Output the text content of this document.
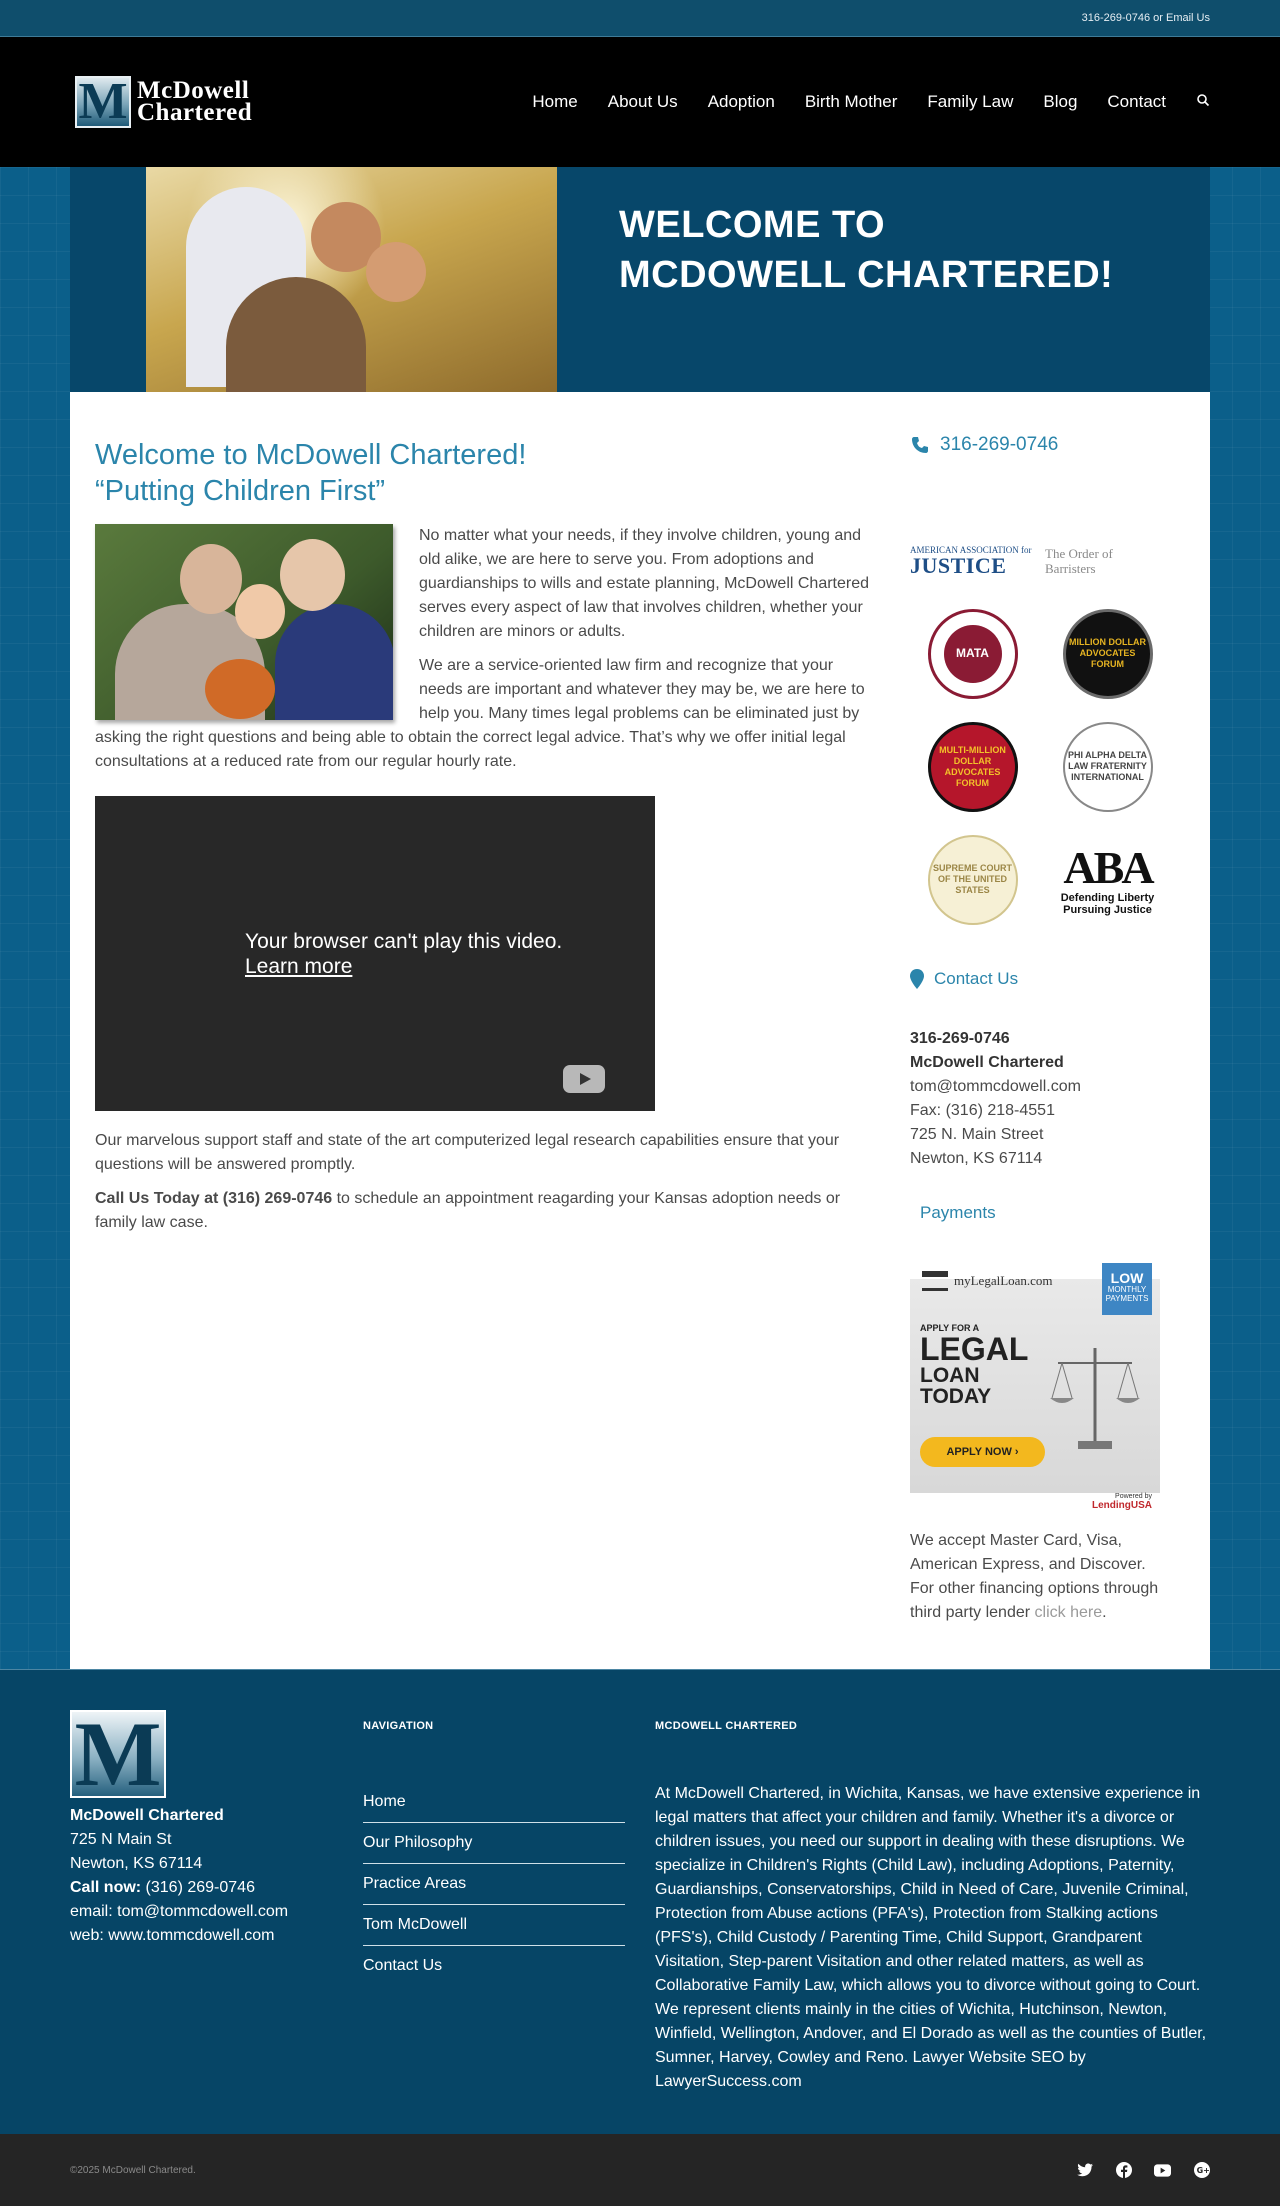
316-269-0746 or Email Us
M McDowell
Chartered	Home About Us Adoption Birth Mother Family Law Blog Contact
WELCOME TO
MCDOWELL CHARTERED!
Welcome to McDowell Chartered!
“Putting Children First”

No matter what your needs, if they involve children, young and old alike, we are here to serve you. From adoptions and guardianships to wills and estate planning, McDowell Chartered serves every aspect of law that involves children, whether your children are minors or adults.

We are a service-oriented law firm and recognize that your needs are important and whatever they may be, we are here to help you. Many times legal problems can be eliminated just by asking the right questions and being able to obtain the correct legal advice. That’s why we offer initial legal consultations at a reduced rate from our regular hourly rate.

Your browser can't play this video.
Learn more

Our marvelous support staff and state of the art computerized legal research capabilities ensure that your questions will be answered promptly.

Call Us Today at (316) 269-0746 to schedule an appointment reagarding your Kansas adoption needs or family law case.

316-269-0746
AMERICAN ASSOCIATION for
JUSTICE	The Order of
Barristers
MATA
MILLION DOLLAR ADVOCATES FORUM
MULTI-MILLION DOLLAR ADVOCATES FORUM
PHI ALPHA DELTA LAW FRATERNITY INTERNATIONAL
SUPREME COURT OF THE UNITED STATES	ABA
Defending Liberty
Pursuing Justice
Contact Us
316-269-0746
McDowell Chartered
tom@tommcdowell.com
Fax: (316) 218-4551
725 N. Main Street
Newton, KS 67114
Payments
myLegalLoan.com	LOW
MONTHLY PAYMENTS
APPLY FOR A
LEGAL
LOAN
TODAY
APPLY NOW ›
Powered by
LendingUSA

We accept Master Card, Visa, American Express, and Discover. For other financing options through third party lender click here.

M
McDowell Chartered
725 N Main St
Newton, KS 67114
Call now: (316) 269-0746
email: tom@tommcdowell.com
web: www.tommcdowell.com
NAVIGATION
Home
Our Philosophy
Practice Areas
Tom McDowell
Contact Us
MCDOWELL CHARTERED

At McDowell Chartered, in Wichita, Kansas, we have extensive experience in legal matters that affect your children and family. Whether it's a divorce or children issues, you need our support in dealing with these disruptions. We specialize in Children's Rights (Child Law), including Adoptions, Paternity, Guardianships, Conservatorships, Child in Need of Care, Juvenile Criminal, Protection from Abuse actions (PFA's), Protection from Stalking actions (PFS's), Child Custody / Parenting Time, Child Support, Grandparent Visitation, Step-parent Visitation and other related matters, as well as Collaborative Family Law, which allows you to divorce without going to Court. We represent clients mainly in the cities of Wichita, Hutchinson, Newton, Winfield, Wellington, Andover, and El Dorado as well as the counties of Butler, Sumner, Harvey, Cowley and Reno. Lawyer Website SEO by LawyerSuccess.com

©2025 McDowell Chartered.	G+
